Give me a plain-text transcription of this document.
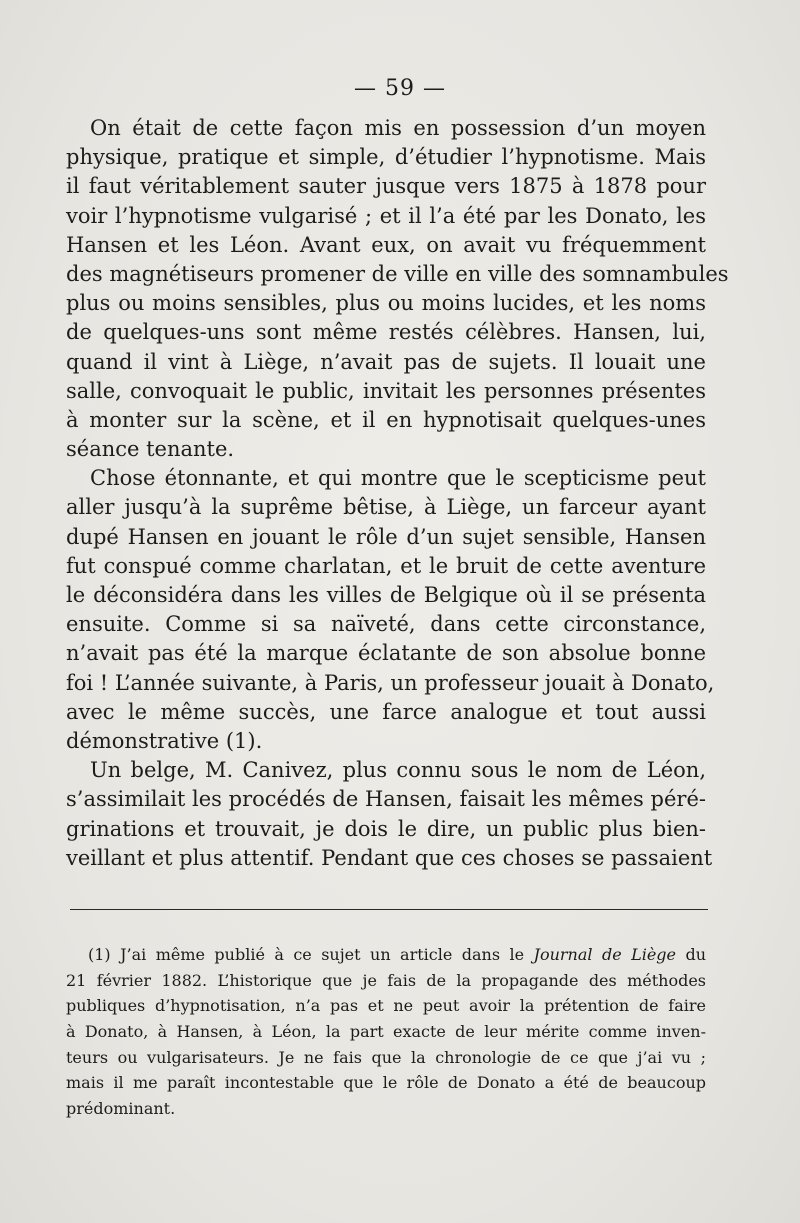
— 59 —
On était de cette façon mis en possession d’un moyen
physique, pratique et simple, d’étudier l’hypnotisme. Mais
il faut véritablement sauter jusque vers 1875 à 1878 pour
voir l’hypnotisme vulgarisé ; et il l’a été par les Donato, les
Hansen et les Léon. Avant eux, on avait vu fréquemment
des magnétiseurs promener de ville en ville des somnambules
plus ou moins sensibles, plus ou moins lucides, et les noms
de quelques-uns sont même restés célèbres. Hansen, lui,
quand il vint à Liège, n’avait pas de sujets. Il louait une
salle, convoquait le public, invitait les personnes présentes
à monter sur la scène, et il en hypnotisait quelques-unes
séance tenante.
Chose étonnante, et qui montre que le scepticisme peut
aller jusqu’à la suprême bêtise, à Liège, un farceur ayant
dupé Hansen en jouant le rôle d’un sujet sensible, Hansen
fut conspué comme charlatan, et le bruit de cette aventure
le déconsidéra dans les villes de Belgique où il se présenta
ensuite. Comme si sa naïveté, dans cette circonstance,
n’avait pas été la marque éclatante de son absolue bonne
foi ! L’année suivante, à Paris, un professeur jouait à Donato,
avec le même succès, une farce analogue et tout aussi
démonstrative (1).
Un belge, M. Canivez, plus connu sous le nom de Léon,
s’assimilait les procédés de Hansen, faisait les mêmes péré-
grinations et trouvait, je dois le dire, un public plus bien-
veillant et plus attentif. Pendant que ces choses se passaient
(1) J’ai même publié à ce sujet un article dans le Journal de Liège du
21 février 1882. L’historique que je fais de la propagande des méthodes
publiques d’hypnotisation, n’a pas et ne peut avoir la prétention de faire
à Donato, à Hansen, à Léon, la part exacte de leur mérite comme inven-
teurs ou vulgarisateurs. Je ne fais que la chronologie de ce que j’ai vu ;
mais il me paraît incontestable que le rôle de Donato a été de beaucoup
prédominant.
